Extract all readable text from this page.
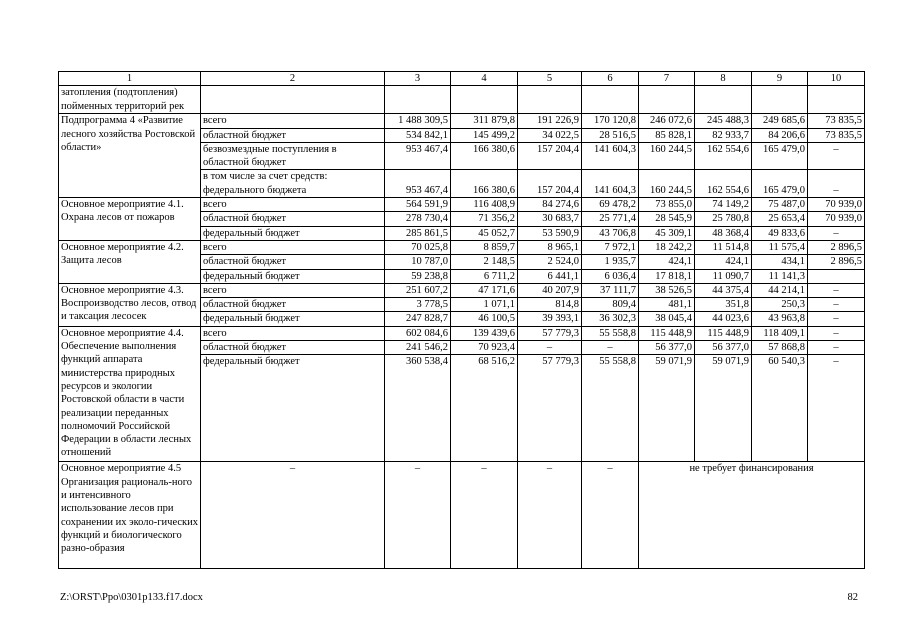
1	2	3	4	5	6	7	8	9	10
затопления (подтопления) пойменных территорий рек									
Подпрограмма 4 «Развитие лесного хозяйства Ростовской области»	всего	1 488 309,5	311 879,8	191 226,9	170 120,8	246 072,6	245 488,3	249 685,6	73 835,5
	областной бюджет	534 842,1	145 499,2	34 022,5	28 516,5	85 828,1	82 933,7	84 206,6	73 835,5
	безвозмездные поступления в областной бюджет	953 467,4	166 380,6	157 204,4	141 604,3	160 244,5	162 554,6	165 479,0	–
	в том числе за счет средств:								
	федерального бюджета	953 467,4	166 380,6	157 204,4	141 604,3	160 244,5	162 554,6	165 479,0	–
Основное мероприятие 4.1. Охрана лесов от пожаров	всего	564 591,9	116 408,9	84 274,6	69 478,2	73 855,0	74 149,2	75 487,0	70 939,0
	областной бюджет	278 730,4	71 356,2	30 683,7	25 771,4	28 545,9	25 780,8	25 653,4	70 939,0
	федеральный бюджет	285 861,5	45 052,7	53 590,9	43 706,8	45 309,1	48 368,4	49 833,6	–
Основное мероприятие 4.2. Защита лесов	всего	70 025,8	8 859,7	8 965,1	7 972,1	18 242,2	11 514,8	11 575,4	2 896,5
	областной бюджет	10 787,0	2 148,5	2 524,0	1 935,7	424,1	424,1	434,1	2 896,5
	федеральный бюджет	59 238,8	6 711,2	6 441,1	6 036,4	17 818,1	11 090,7	11 141,3	
Основное мероприятие 4.3. Воспроизводство лесов, отвод и таксация лесосек	всего	251 607,2	47 171,6	40 207,9	37 111,7	38 526,5	44 375,4	44 214,1	–
	областной бюджет	3 778,5	1 071,1	814,8	809,4	481,1	351,8	250,3	–
	федеральный бюджет	247 828,7	46 100,5	39 393,1	36 302,3	38 045,4	44 023,6	43 963,8	–
Основное мероприятие 4.4. Обеспечение выполнения функций аппарата министерства природных ресурсов и экологии Ростовской области в части реализации переданных полномочий Российской Федерации в области лесных отношений	всего	602 084,6	139 439,6	57 779,3	55 558,8	115 448,9	115 448,9	118 409,1	–
	областной бюджет	241 546,2	70 923,4	–	–	56 377,0	56 377,0	57 868,8	–
	федеральный бюджет	360 538,4	68 516,2	57 779,3	55 558,8	59 071,9	59 071,9	60 540,3	–
Основное мероприятие 4.5 Организация рациональ-ного и интенсивного использование лесов при сохранении их эколо-гических функций и биологического разно-образия	–	–	–	–	–	не требует финансирования			
Z:\ORST\Ppo\0301p133.f17.docx	82
